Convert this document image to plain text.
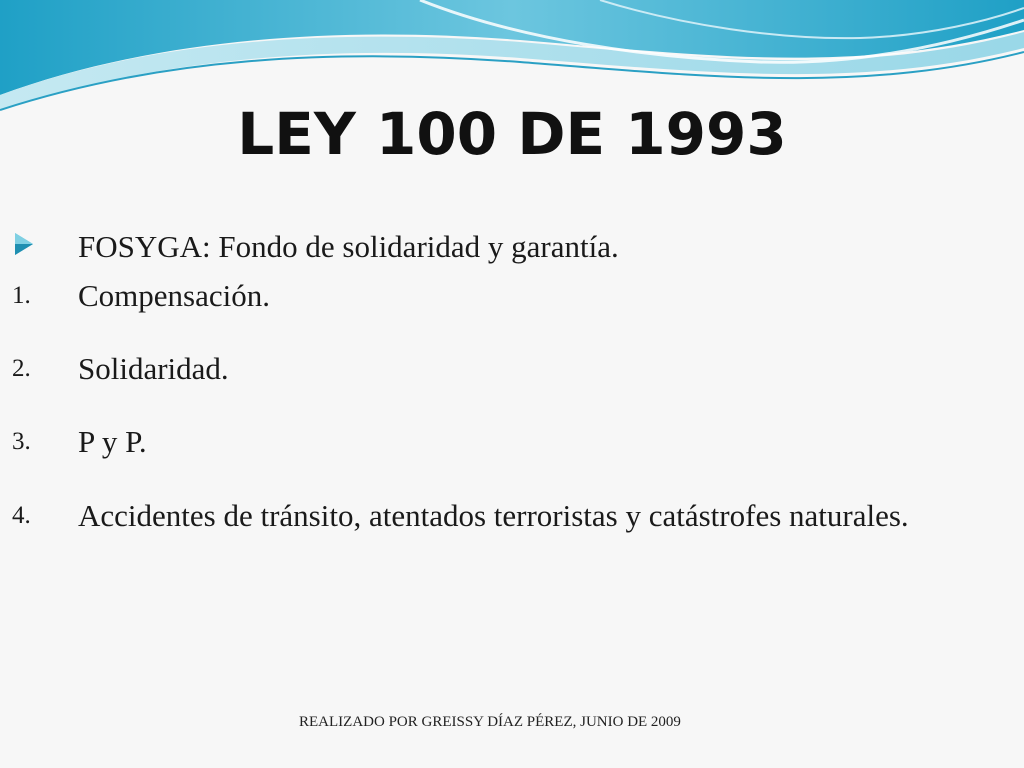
LEY 100 DE 1993
FOSYGA: Fondo de solidaridad y garantía.
1. Compensación.
2. Solidaridad.
3. P y P.
4. Accidentes de tránsito, atentados terroristas y catástrofes naturales.
REALIZADO POR GREISSY DÍAZ PÉREZ, JUNIO DE 2009
